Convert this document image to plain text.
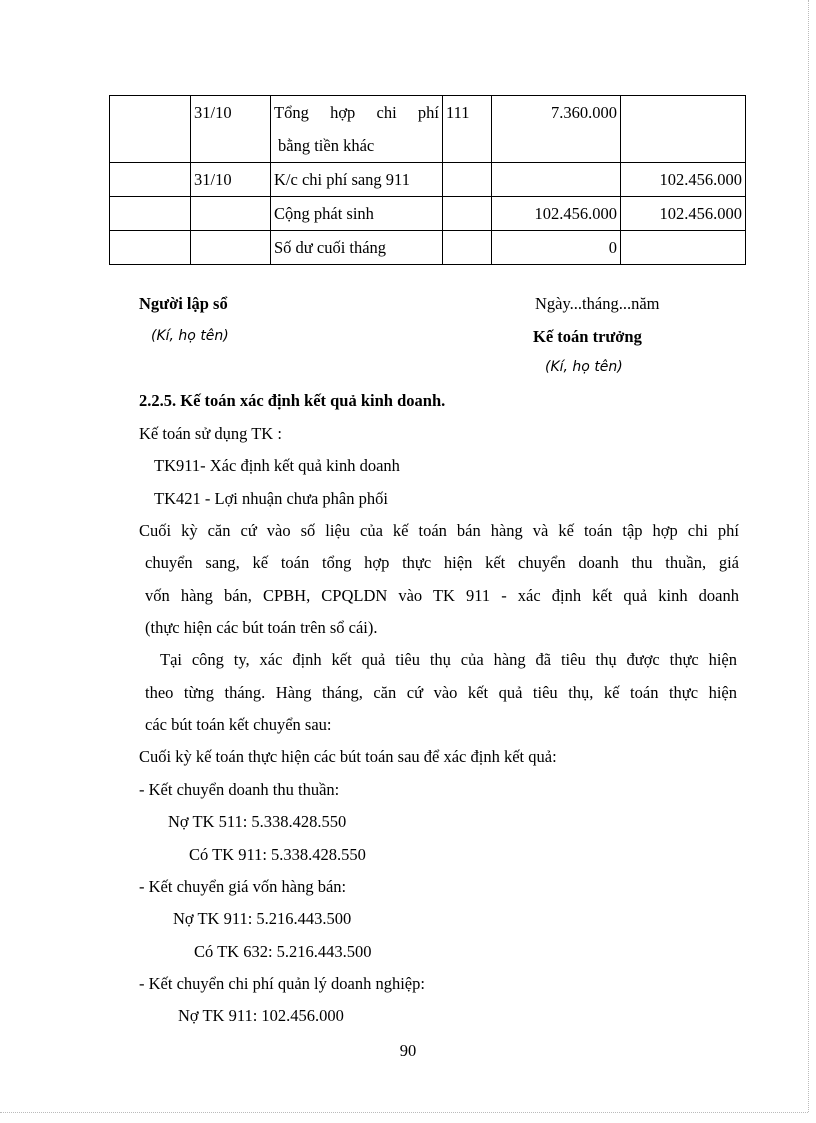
	31/10	Tổng hợp chi phí
bằng tiền khác	111	7.360.000	
	31/10	K/c chi phí sang 911			102.456.000
		Cộng phát sinh		102.456.000	102.456.000
		Số dư cuối tháng		0	
Người lập sổ	Ngày...tháng...năm
(Kí, họ tên)	Kế toán trưởng
(Kí, họ tên)
2.2.5. Kế toán xác định kết quả kinh doanh.
Kế toán sử dụng TK :
TK911- Xác định kết quả kinh doanh
TK421 - Lợi nhuận chưa phân phối
Cuối kỳ căn cứ vào số liệu của kế toán bán hàng và kế toán tập hợp chi phí
chuyển sang, kế toán tổng hợp thực hiện kết chuyển doanh thu thuần, giá
vốn hàng bán, CPBH, CPQLDN vào TK 911 - xác định kết quả kinh doanh
(thực hiện các bút toán trên sổ cái).
Tại công ty, xác định kết quả tiêu thụ của hàng đã tiêu thụ được thực hiện
theo từng tháng. Hàng tháng, căn cứ vào kết quả tiêu thụ, kế toán thực hiện
các bút toán kết chuyển sau:
Cuối kỳ kế toán thực hiện các bút toán sau để xác định kết quả:
- Kết chuyển doanh thu thuần:
Nợ TK 511: 5.338.428.550
Có TK 911: 5.338.428.550
- Kết chuyển giá vốn hàng bán:
Nợ TK 911: 5.216.443.500
Có TK 632: 5.216.443.500
- Kết chuyển chi phí quản lý doanh nghiệp:
Nợ TK 911: 102.456.000
90
